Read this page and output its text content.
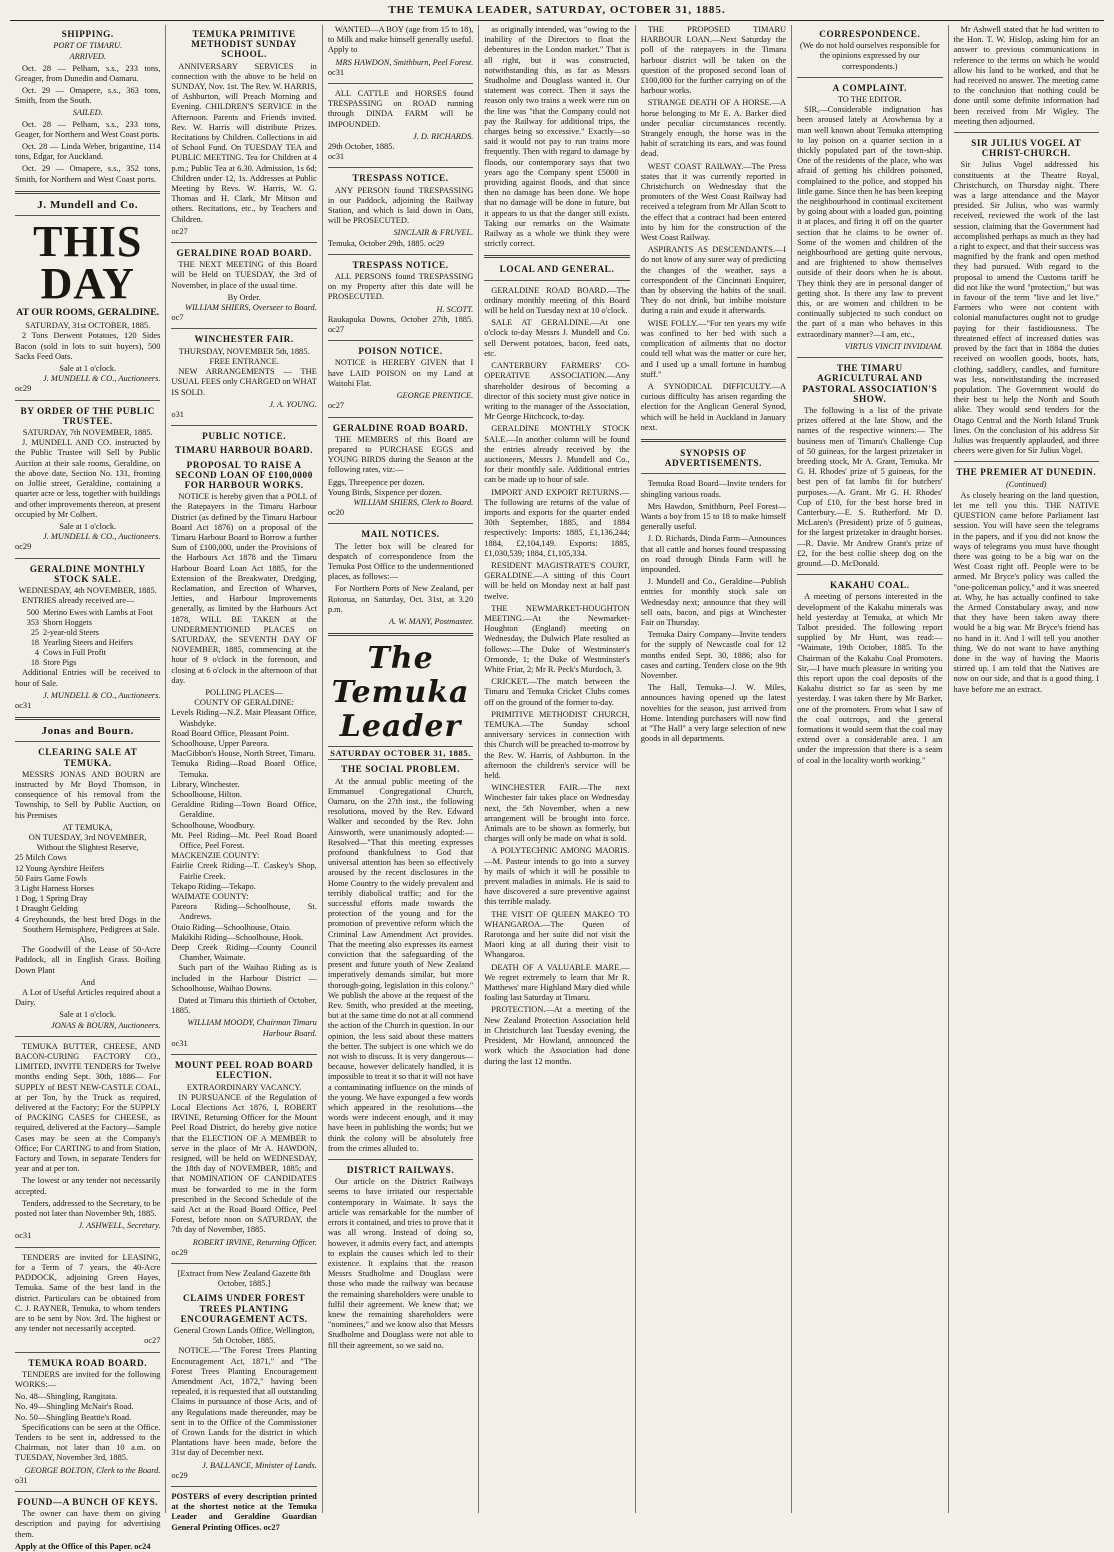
THE TEMUKA LEADER, SATURDAY, OCTOBER 31, 1885.
SHIPPING.
PORT OF TIMARU.
ARRIVED.

Oct. 28 — Pelham, s.s., 233 tons, Greager, from Dunedin and Oamaru.

Oct. 29 — Omapere, s.s., 363 tons, Smith, from the South.

SAILED.

Oct. 28 — Pelham, s.s., 233 tons, Geager, for Northern and West Coast ports.

Oct. 28 — Linda Weber, brigantine, 114 tons, Edgar, for Auckland.

Oct. 29 — Omapere, s.s., 352 tons, Smith, for Northern and West Coast ports.

J. Mundell and Co.
THIS DAY
AT OUR ROOMS, GERALDINE.
SATURDAY, 31st OCTOBER, 1885.

2 Tons Derwent Potatoes, 120 Sides Bacon (sold in lots to suit buyers), 500 Sacks Feed Oats.

Sale at 1 o'clock.
J. MUNDELL & CO., Auctioneers.
oc29
BY ORDER OF THE PUBLIC TRUSTEE.
SATURDAY, 7th NOVEMBER, 1885.

J. MUNDELL AND CO. instructed by the Public Trustee will Sell by Public Auction at their sale rooms, Geraldine, on the above date, Section No. 131, fronting on Jollie street, Geraldine, containing a quarter acre or less, together with buildings and other improvements thereon, at present occupied by Mr Colbert.

Sale at 1 o'clock.
J. MUNDELL & CO., Auctioneers.
oc29
GERALDINE MONTHLY STOCK SALE.
WEDNESDAY, 4th NOVEMBER, 1885.

ENTRIES already received are—

500	Merino Ewes with Lambs at Foot
353	Shorn Hoggets
25	2-year-old Steers
18	Yearling Steers and Heifers
4	Cows in Full Profit
18	Store Pigs

Additional Entries will be received to hour of Sale.

J. MUNDELL & CO., Auctioneers.
oc31
Jonas and Bourn.
CLEARING SALE AT TEMUKA.

MESSRS JONAS AND BOURN are instructed by Mr Boyd Thomson, in consequence of his removal from the Township, to Sell by Public Auction, on his Premises

AT TEMUKA,
ON TUESDAY, 3rd NOVEMBER, Without the Slightest Reserve,
25 Milch Cows
12 Young Ayrshire Heifers
50 Fairs Game Fowls
3 Light Harness Horses
1 Dog, 1 Spring Dray
1 Draught Gelding
4 Greyhounds, the best bred Dogs in the Southern Hemisphere, Pedigrees at Sale.
Also,

The Goodwill of the Lease of 50-Acre Paddock, all in English Grass. Boiling Down Plant

And

A Lot of Useful Articles required about a Dairy.

Sale at 1 o'clock.
JONAS & BOURN, Auctioneers.

TEMUKA BUTTER, CHEESE, AND BACON-CURING FACTORY CO., LIMITED, INVITE TENDERS for Twelve months ending Sept. 30th, 1886— For SUPPLY of BEST NEW-CASTLE COAL, at per Ton, by the Truck as required, delivered at the Factory; For the SUPPLY of PACKING CASES for CHEESE, as required, delivered at the Factory—Sample Cases may be seen at the Company's Office; For CARTING to and from Station, Factory and Town, in separate Tenders for year and at per ton.

The lowest or any tender not necessarily accepted.

Tenders, addressed to the Secretary, to be posted not later than November 9th, 1885.

J. ASHWELL, Secretary.
oc31

TENDERS are invited for LEASING, for a Term of 7 years, the 40-Acre PADDOCK, adjoining Green Hayes, Temuka. Same of the best land in the district. Particulars can be obtained from C. J. RAYNER, Temuka, to whom tenders are to be sent by Nov. 3rd. The highest or any tender not necessarily accepted.

oc27
TEMUKA ROAD BOARD.

TENDERS are invited for the following WORKS:—

No. 48—Shingling, Rangitata.
No. 49—Shingling McNair's Road.
No. 50—Shingling Beattie's Road.

Specifications can be seen at the Office. Tenders to be sent in, addressed to the Chairman, not later than 10 a.m. on TUESDAY, November 3rd, 1885.

GEORGE BOLTON, Clerk to the Board.
o31
FOUND—A BUNCH OF KEYS.

The owner can have them on giving description and paying for advertising them.

Apply at the Office of this Paper. oc24

TEMUKA PRIMITIVE METHODIST SUNDAY SCHOOL.

ANNIVERSARY SERVICES in connection with the above to be held on SUNDAY, Nov. 1st. The Rev. W. HARRIS, of Ashburton, will Preach Morning and Evening. CHILDREN'S SERVICE in the Afternoon. Parents and Friends invited. Rev. W. Harris will distribute Prizes. Recitations by Children. Collections in aid of School Fund. On TUESDAY TEA and PUBLIC MEETING. Tea for Children at 4 p.m.; Public Tea at 6.30. Admission, 1s 6d; Children under 12, 1s. Addresses at Public Meeting by Revs. W. Harris, W. G. Thomas and H. Clark, Mr Mitson and others. Recitations, etc., by Teachers and Children.

oc27
GERALDINE ROAD BOARD.

THE NEXT MEETING of this Board will be Held on TUESDAY, the 3rd of November, in place of the usual time.

By Order.
WILLIAM SHIERS, Overseer to Board.
oc7
WINCHESTER FAIR.
THURSDAY, NOVEMBER 5th, 1885.
FREE ENTRANCE.

NEW ARRANGEMENTS — THE USUAL FEES only CHARGED on WHAT IS SOLD.

J. A. YOUNG.
o31
PUBLIC NOTICE.
TIMARU HARBOUR BOARD.
PROPOSAL TO RAISE A SECOND LOAN OF £100,0000 FOR HARBOUR WORKS.

NOTICE is hereby given that a POLL of the Ratepayers in the Timaru Harbour District (as defined by the Timaru Harbour Board Act 1876) on a proposal of the Timaru Harbour Board to Borrow a further Sum of £100,000, under the Provisions of the Harbours Act 1878 and the Timaru Harbour Board Loan Act 1885, for the Extension of the Breakwater, Dredging, Reclamation, and Erection of Wharves, Jetties, and Harbour Improvements generally, as limited by the Harbours Act 1878, WILL BE TAKEN at the UNDERMENTIONED PLACES on SATURDAY, the SEVENTH DAY OF NOVEMBER, 1885, commencing at the hour of 9 o'clock in the forenoon, and closing at 6 o'clock in the afternoon of that day.

POLLING PLACES—
COUNTY OF GERALDINE:
Levels Riding—N.Z. Mair Pleasant Office, Washdyke.
Road Board Office, Pleasant Point.
Schoolhouse, Upper Pareora.
MacGibbon's House, North Street, Timaru.
Temuka Riding—Road Board Office, Temuka.
Library, Winchester.
Schoolhouse, Hilton.
Geraldine Riding—Town Board Office, Geraldine.
Schoolhouse, Woodbury.
Mt. Peel Riding—Mt. Peel Road Board Office, Peel Forest.
MACKENZIE COUNTY:
Fairlie Creek Riding—T. Caskey's Shop, Fairlie Creek.
Tekapo Riding—Tekapo.
WAIMATE COUNTY:
Pareora Riding—Schoolhouse, St. Andrews.
Otaio Riding—Schoolhouse, Otaio.
Makikihi Riding—Schoolhouse, Hook.
Deep Creek Riding—County Council Chamber, Waimate.

Such part of the Waihao Riding as is included in the Harbour District — Schoolhouse, Waihao Downs.

Dated at Timaru this thirtieth of October, 1885.

WILLIAM MOODY, Chairman Timaru Harbour Board.
oc31
MOUNT PEEL ROAD BOARD ELECTION.
EXTRAORDINARY VACANCY.

IN PURSUANCE of the Regulation of Local Elections Act 1876, I, ROBERT IRVINE, Returning Officer for the Mount Peel Road District, do hereby give notice that the ELECTION OF A MEMBER to serve in the place of Mr A. HAWDON, resigned, will be held on WEDNESDAY, the 18th day of NOVEMBER, 1885; and that NOMINATION OF CANDIDATES must be forwarded to me in the form prescribed in the Second Schedule of the said Act at the Road Board Office, Peel Forest, before noon on SATURDAY, the 7th day of November, 1885.

ROBERT IRVINE, Returning Officer.
oc29
[Extract from New Zealand Gazette 8th October, 1885.]
CLAIMS UNDER FOREST TREES PLANTING ENCOURAGEMENT ACTS.
General Crown Lands Office, Wellington, 5th October, 1885.

NOTICE.—"The Forest Trees Planting Encouragement Act, 1871," and "The Forest Trees Planting Encouragement Amendment Act, 1872," having been repealed, it is requested that all outstanding Claims in pursuance of those Acts, and of any Regulations made thereunder, may be sent in to the Office of the Commissioner of Crown Lands for the district in which Plantations have been made, before the 31st day of December next.

J. BALLANCE, Minister of Lands.
oc29

POSTERS of every description printed at the shortest notice at the Temuka Leader and Geraldine Guardian General Printing Offices. oc27

WANTED—A BOY (age from 15 to 18), to Milk and make himself generally useful. Apply to

MRS HAWDON, Smithburn, Peel Forest.
oc31

ALL CATTLE and HORSES found TRESPASSING on ROAD running through DINDA FARM will be IMPOUNDED.

J. D. RICHARDS.
29th October, 1885.
oc31
TRESPASS NOTICE.

ANY PERSON found TRESPASSING in our Paddock, adjoining the Railway Station, and which is laid down in Oats, will be PROSECUTED.

SINCLAIR & FRUVEL.
Temuka, October 29th, 1885. oc29
TRESPASS NOTICE.

ALL PERSONS found TRESPASSING on my Property after this date will be PROSECUTED.

H. SCOTT.
Raukapuka Downs, October 27th, 1885. oc27
POISON NOTICE.

NOTICE is HEREBY GIVEN that I have LAID POISON on my Land at Waitohi Flat.

GEORGE PRENTICE.
oc27
GERALDINE ROAD BOARD.

THE MEMBERS of this Board are prepared to PURCHASE EGGS and YOUNG BIRDS during the Season at the following rates, viz:—

Eggs, Threepence per dozen.
Young Birds, Sixpence per dozen.
WILLIAM SHIERS, Clerk to Board.
oc20
MAIL NOTICES.

The letter box will be cleared for despatch of correspondence from the Temuka Post Office to the undermentioned places, as follows:—

For Northern Ports of New Zealand, per Rotorua, on Saturday, Oct. 31st, at 3.20 p.m.

A. W. MANY, Postmaster.
The Temuka Leader
SATURDAY OCTOBER 31, 1885.
THE SOCIAL PROBLEM.

At the annual public meeting of the Emmanuel Congregational Church, Oamaru, on the 27th inst., the following resolutions, moved by the Rev. Edward Walker and seconded by the Rev. John Ainsworth, were unanimously adopted:— Resolved—"That this meeting expresses profound thankfulness to God that universal attention has been so effectively aroused by the recent disclosures in the Home Country to the widely prevalent and terribly diabolical traffic; and for the successful efforts made towards the protection of the young and for the promotion of preventive reform which the Criminal Law Amendment Act provides. That the meeting also expresses its earnest conviction that the safeguarding of the present and future youth of New Zealand imperatively demands similar, but more thorough-going, legislation in this colony." We publish the above at the request of the Rev. Smith, who presided at the meeting, but at the same time do not at all commend the action of the Church in question. In our opinion, the less said about these matters the better. The subject is one which we do not wish to discuss. It is very dangerous—because, however delicately handled, it is impossible to treat it so that it will not have a contaminating influence on the minds of the young. We have expunged a few words which appeared in the resolutions—the words were indecent enough, and it may have been in publishing the words; but we think the colony will be absolutely free from the crimes alluded to.

DISTRICT RAILWAYS.

Our article on the District Railways seems to have irritated our respectable contemporary in Waimate. It says the article was remarkable for the number of errors it contained, and tries to prove that it was all wrong. Instead of doing so, however, it admits every fact, and attempts to explain the causes which led to their existence. It explains that the reason Messrs Studholme and Douglass were those who made the railway was because the remaining shareholders were unable to fulfil their agreement. We knew that; we knew the remaining shareholders were "nominees," and we know also that Messrs Studholme and Douglass were not able to fill their agreement, so we said no.

as originally intended, was "owing to the inability of the Directors to float the debentures in the London market." That is all right, but it was constructed, notwithstanding this, as far as Messrs Studholme and Douglass wanted it. Our statement was correct. Then it says the reason only two trains a week were run on the line was "that the Company could not pay the Railway for additional trips, the charges being so excessive." Exactly—so said it would not pay to run trains more frequently. Then with regard to damage by floods, our contemporary says that two years ago the Company spent £5000 in providing against floods, and that since then no damage has been done. We hope that no damage will be done in future, but it appears to us that the danger still exists. Taking our remarks on the Waimate Railway as a whole we think they were strictly correct.

LOCAL AND GENERAL.

GERALDINE ROAD BOARD.—The ordinary monthly meeting of this Board will be held on Tuesday next at 10 o'clock.

SALE AT GERALDINE.—At one o'clock to-day Messrs J. Mundell and Co. sell Derwent potatoes, bacon, feed oats, etc.

CANTERBURY FARMERS' CO-OPERATIVE ASSOCIATION.—Any shareholder desirous of becoming a director of this society must give notice in writing to the manager of the Association, Mr George Hitchcock, to-day.

GERALDINE MONTHLY STOCK SALE.—In another column will be found the entries already received by the auctioneers, Messrs J. Mundell and Co., for their monthly sale. Additional entries can be made up to hour of sale.

IMPORT AND EXPORT RETURNS.—The following are returns of the value of imports and exports for the quarter ended 30th September, 1885, and 1884 respectively: Imports: 1885, £1,136,244; 1884, £2,104,149. Exports: 1885, £1,030,539; 1884, £1,105,334.

RESIDENT MAGISTRATE'S COURT, GERALDINE.—A sitting of this Court will be held on Monday next at half past twelve.

THE NEWMARKET-HOUGHTON MEETING.—At the Newmarket-Houghton (England) meeting on Wednesday, the Dulwich Plate resulted as follows:—The Duke of Westminster's Ormonde, 1; the Duke of Westminster's White Friar, 2; Mr R. Peck's Murdoch, 3.

CRICKET.—The match between the Timaru and Temuka Cricket Clubs comes off on the ground of the former to-day.

PRIMITIVE METHODIST CHURCH, TEMUKA.—The Sunday school anniversary services in connection with this Church will be preached to-morrow by the Rev. W. Harris, of Ashburton. In the afternoon the children's service will be held.

WINCHESTER FAIR.—The next Winchester fair takes place on Wednesday next, the 5th November, when a new arrangement will be brought into force. Animals are to be shown as formerly, but charges will only be made on what is sold.

A POLYTECHNIC AMONG MAORIS.—M. Pasteur intends to go into a survey by mails of which it will be possible to prevent maladies in animals. He is said to have discovered a sure preventive against this terrible malady.

THE VISIT OF QUEEN MAKEO TO WHANGAROA.—The Queen of Rarotonga and her suite did not visit the Maori king at all during their visit to Whangaroa.

DEATH OF A VALUABLE MARE.—We regret extremely to learn that Mr R. Matthews' mare Highland Mary died while foaling last Saturday at Timaru.

PROTECTION.—At a meeting of the New Zealand Protection Association held in Christchurch last Tuesday evening, the President, Mr Howland, announced the work which the Association had done during the last 12 months.

THE PROPOSED TIMARU HARBOUR LOAN.—Next Saturday the poll of the ratepayers in the Timaru harbour district will be taken on the question of the proposed second loan of £100,000 for the further carrying on of the harbour works.

STRANGE DEATH OF A HORSE.—A horse belonging to Mr E. A. Barker died under peculiar circumstances recently. Strangely enough, the horse was in the habit of scratching its ears, and was found dead.

WEST COAST RAILWAY.—The Press states that it was currently reported in Christchurch on Wednesday that the promoters of the West Coast Railway had received a telegram from Mr Allan Scott to the effect that a contract had been entered into by him for the construction of the West Coast Railway.

ASPIRANTS AS DESCENDANTS.—I do not know of any surer way of predicting the changes of the weather, says a correspondent of the Cincinnati Enquirer, than by observing the habits of the snail. They do not drink, but imbibe moisture during a rain and exude it afterwards.

WISE FOLLY.—"For ten years my wife was confined to her bed with such a complication of ailments that no doctor could tell what was the matter or cure her, and I used up a small fortune in humbug stuff."

A SYNODICAL DIFFICULTY.—A curious difficulty has arisen regarding the election for the Anglican General Synod, which will be held in Auckland in January next.

SYNOPSIS OF ADVERTISEMENTS.

Temuka Road Board—Invite tenders for shingling various roads.

Mrs Hawdon, Smithburn, Peel Forest—Wants a boy from 15 to 18 to make himself generally useful.

J. D. Richards, Dinda Farm—Announces that all cattle and horses found trespassing on road through Dinda Farm will be impounded.

J. Mundell and Co., Geraldine—Publish entries for monthly stock sale on Wednesday next; announce that they will sell oats, bacon, and pigs at Winchester Fair on Thursday.

Temuka Dairy Company—Invite tenders for the supply of Newcastle coal for 12 months ended Sept. 30, 1886; also for cases and carting. Tenders close on the 9th November.

The Hall, Temuka—J. W. Miles, announces having opened up the latest novelties for the season, just arrived from Home. Intending purchasers will now find at "The Hall" a very large selection of new goods in all departments.

CORRESPONDENCE.
(We do not hold ourselves responsible for the opinions expressed by our correspondents.)
A COMPLAINT.
TO THE EDITOR.

SIR,—Considerable indignation has been aroused lately at Arowhenua by a man well known about Temuka attempting to lay poison on a quarter section in a thickly populated part of the town-ship. One of the residents of the place, who was afraid of getting his children poisoned, complained to the police, and stopped his little game. Since then he has been keeping the neighbourhood in continual excitement by going about with a loaded gun, pointing it at places, and firing it off on the quarter section that he claims to be owner of. Some of the women and children of the neighbourhood are getting quite nervous, and are frightened to show themselves outside of their doors when he is about. They think they are in personal danger of getting shot. Is there any law to prevent this, or are women and children to be continually subjected to such conduct on the part of a man who behaves in this extraordinary manner?—I am, etc.,

VIRTUS VINCIT INVIDIAM.
THE TIMARU AGRICULTURAL AND PASTORAL ASSOCIATION'S SHOW.

The following is a list of the private prizes offered at the late Show, and the names of the respective winners:— The business men of Timaru's Challenge Cup of 50 guineas, for the largest prizetaker in breeding stock, Mr A. Grant, Temuka. Mr G. H. Rhodes' prize of 5 guineas, for the best pen of fat lambs fit for butchers' purposes.—A. Grant. Mr G. H. Rhodes' Cup of £10, for the best horse bred in Canterbury.—E. S. Rutherford. Mr D. McLaren's (President) prize of 5 guineas, for the largest prizetaker in draught horses.—R. Davie. Mr Andrew Grant's prize of £2, for the best collie sheep dog on the ground.—D. McDonald.

KAKAHU COAL.

A meeting of persons interested in the development of the Kakahu minerals was held yesterday at Temuka, at which Mr Talbot presided. The following report supplied by Mr Hunt, was read:— "Waimate, 19th October, 1885. To the Chairman of the Kakahu Coal Promoters. Sir,—I have much pleasure in writing you this report upon the coal deposits of the Kakahu district so far as seen by me yesterday. I was taken there by Mr Barker, one of the promoters. From what I saw of the coal outcrops, and the general formations it would seem that the coal may extend over a considerable area. I am under the impression that there is a seam of coal in the locality worth working."

Mr Ashwell stated that he had written to the Hon. T. W. Hislop, asking him for an answer to previous communications in reference to the terms on which he would allow his land to be worked, and that he had received no answer. The meeting came to the conclusion that nothing could be done until some definite information had been received from Mr Wigley. The meeting then adjourned.

SIR JULIUS VOGEL AT CHRIST-CHURCH.

Sir Julius Vogel addressed his constituents at the Theatre Royal, Christchurch, on Thursday night. There was a large attendance and the Mayor presided. Sir Julius, who was warmly received, reviewed the work of the last session, claiming that the Government had accomplished perhaps as much as they had a right to expect, and that their success was magnified by the frank and open method they had pursued. With regard to the proposal to amend the Customs tariff he did not like the word "protection," but was in favour of the term "live and let live." Farmers who were not content with colonial manufactures ought not to grudge paying for their fastidiousness. The threatened effect of increased duties was proved by the fact that in 1884 the duties received on woollen goods, boots, hats, clothing, saddlery, candles, and furniture was less, notwithstanding the increased population. The Government would do their best to help the North and South alike. They would send tenders for the Otago Central and the North Island Trunk lines. On the conclusion of his address Sir Julius was frequently applauded, and three cheers were given for Sir Julius Vogel.

THE PREMIER AT DUNEDIN.
(Continued)

As closely bearing on the land question, let me tell you this. THE NATIVE QUESTION came before Parliament last session. You will have seen the telegrams in the papers, and if you did not know the ways of telegrams you must have thought there was going to be a big war on the West Coast right off. People were to be armed. Mr Bryce's policy was called the "one-policeman policy," and it was sneered at. Why, he has actually confined to take the Armed Constabulary away, and now that they have been taken away there would be a big war. Mr Bryce's friend has no hand in it. And I will tell you another thing. We do not want to have anything done in the way of having the Maoris stirred up. I am told that the Natives are now on our side, and that is a good thing. I have before me an extract.
